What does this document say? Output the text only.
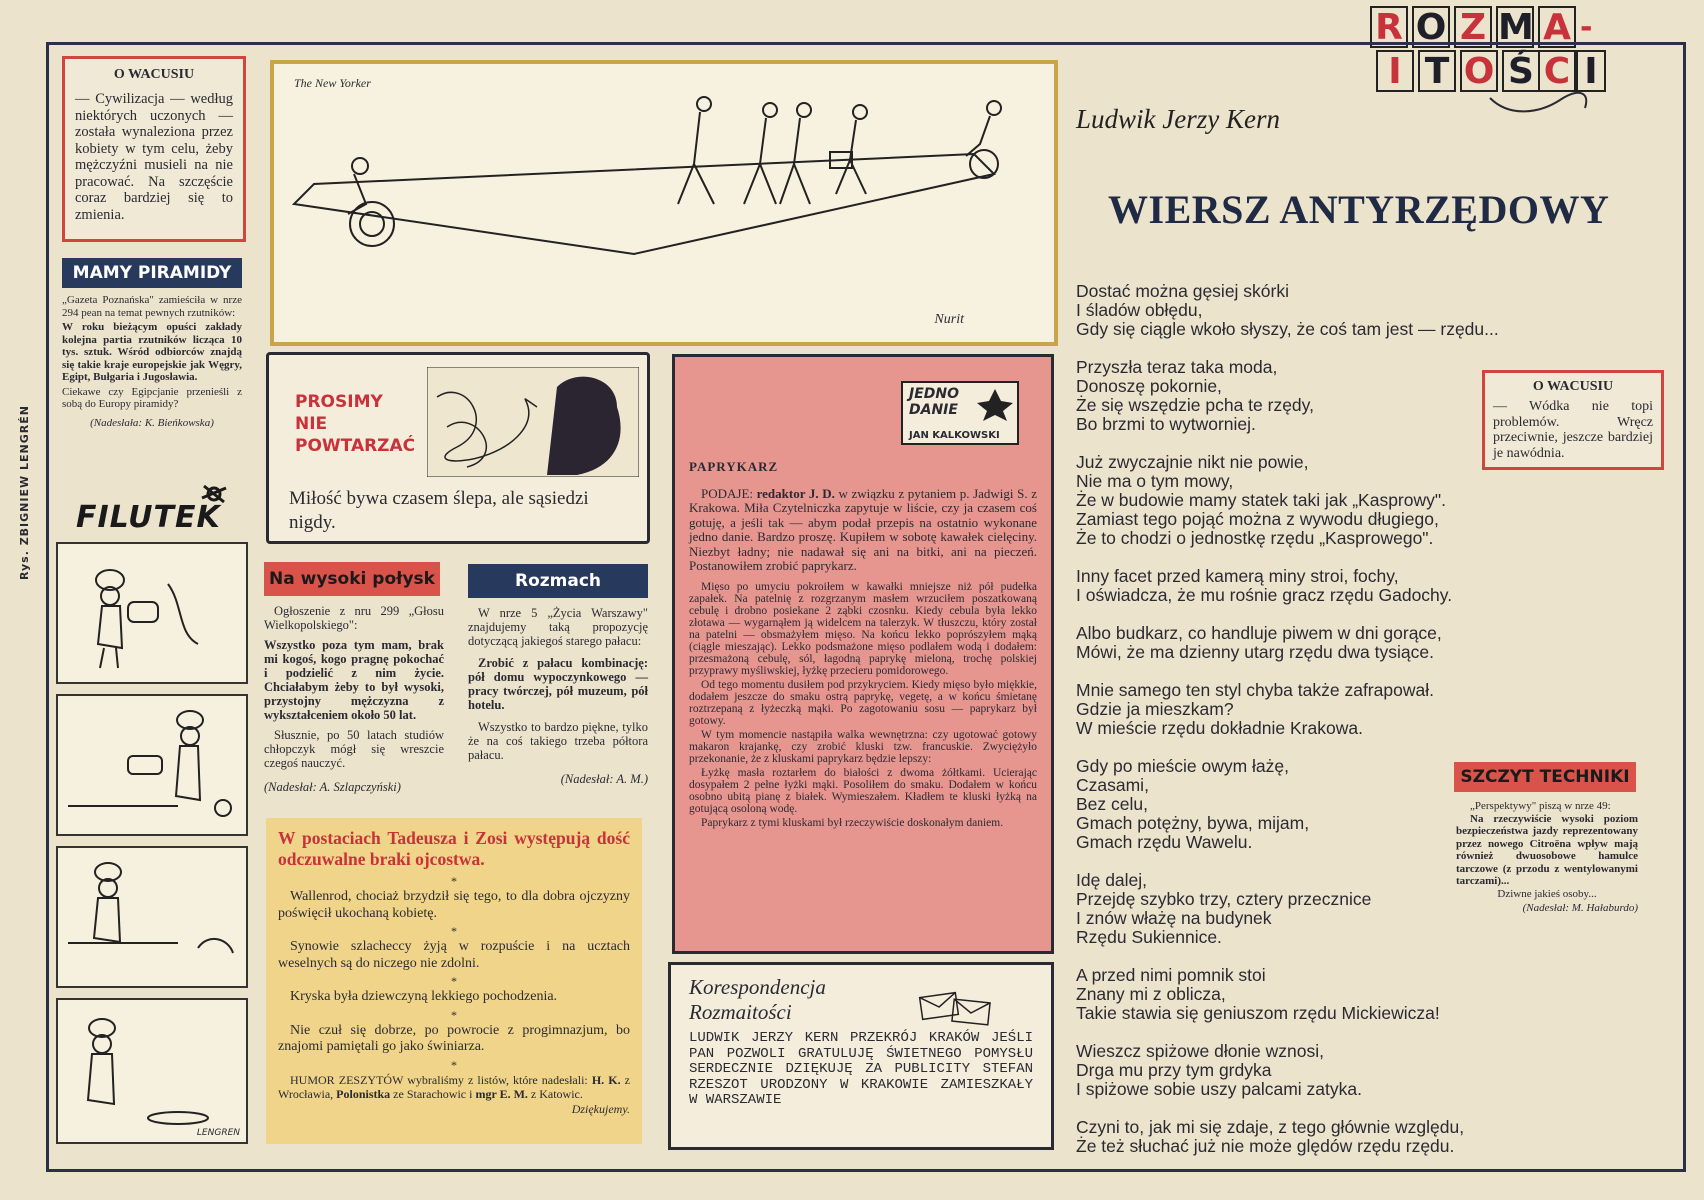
R O Z M A -
I T O Ś C I
Rys. ZBIGNIEW LENGRÉN
O WACUSIU
— Cywilizacja — według niektórych uczonych — została wynaleziona przez kobiety w tym celu, żeby mężczyźni musieli na nie pracować. Na szczęście coraz bardziej się to zmienia.
MAMY PIRAMIDY

„Gazeta Poznańska" zamieściła w nrze 294 pean na temat pewnych rzutników:

W roku bieżącym opuści zakłady kolejna partia rzutników licząca 10 tys. sztuk. Wśród odbiorców znajdą się takie kraje europejskie jak Węgry, Egipt, Bułgaria i Jugosławia.

Ciekawe czy Egipcjanie przenieśli z sobą do Europy piramidy?

(Nadesłała: K. Bieńkowska)

FILUTEK
LENGREN
The New Yorker
Nurit
PROSIMY
NIE
POWTARZAĆ
Miłość bywa czasem ślepa, ale sąsiedzi nigdy.
Na wysoki połysk

Ogłoszenie z nru 299 „Głosu Wielkopolskiego":

Wszystko poza tym mam, brak mi kogoś, kogo pragnę pokochać i podzielić z nim życie. Chciałabym żeby to był wysoki, przystojny mężczyzna z wykształceniem około 50 lat.

Słusznie, po 50 latach studiów chłopczyk mógł się wreszcie czegoś nauczyć.

(Nadesłał: A. Szlapczyński)

Rozmach

W nrze 5 „Życia Warszawy" znajdujemy taką propozycję dotyczącą jakiegoś starego pałacu:

Zrobić z pałacu kombinację: pół domu wypoczynkowego — pracy twórczej, pół muzeum, pół hotelu.

Wszystko to bardzo piękne, tylko że na coś takiego trzeba półtora pałacu.

(Nadesłał: A. M.)

W postaciach Tadeusza i Zosi występują dość odczuwalne braki ojcostwa.
*

Wallenrod, chociaż brzydził się tego, to dla dobra ojczyzny poświęcił ukochaną kobietę.

*

Synowie szlacheccy żyją w rozpuście i na ucztach weselnych są do niczego nie zdolni.

*

Kryska była dziewczyną lekkiego pochodzenia.

*

Nie czuł się dobrze, po powrocie z progimnazjum, bo znajomi pamiętali go jako świniarza.

*

HUMOR ZESZYTÓW wybraliśmy z listów, które nadesłali: H. K. z Wrocławia, Polonistka ze Starachowic i mgr E. M. z Katowic.
Dziękujemy.

JEDNO
DANIE
JAN KALKOWSKI
PAPRYKARZ

PODAJE: redaktor J. D. w związku z pytaniem p. Jadwigi S. z Krakowa. Miła Czytelniczka zapytuje w liście, czy ja czasem coś gotuję, a jeśli tak — abym podał przepis na ostatnio wykonane jedno danie. Bardzo proszę. Kupiłem w sobotę kawałek cielęciny. Niezbyt ładny; nie nadawał się ani na bitki, ani na pieczeń. Postanowiłem zrobić paprykarz.

Mięso po umyciu pokroiłem w kawałki mniejsze niż pół pudełka zapałek. Na patelnię z rozgrzanym masłem wrzuciłem poszatkowaną cebulę i drobno posiekane 2 ząbki czosnku. Kiedy cebula była lekko złotawa — wygarnąłem ją widelcem na talerzyk. W tłuszczu, który został na patelni — obsmażyłem mięso. Na końcu lekko poprószyłem mąką (ciągle mieszając). Lekko podsmażone mięso podlałem wodą i dodałem: przesmażoną cebulę, sól, łagodną paprykę mieloną, trochę polskiej przyprawy myśliwskiej, łyżkę przecieru pomidorowego.

Od tego momentu dusiłem pod przykryciem. Kiedy mięso było miękkie, dodałem jeszcze do smaku ostrą paprykę, vegetę, a w końcu śmietanę roztrzepaną z łyżeczką mąki. Po zagotowaniu sosu — paprykarz był gotowy.

W tym momencie nastąpiła walka wewnętrzna: czy ugotować gotowy makaron krajankę, czy zrobić kluski tzw. francuskie. Zwyciężyło przekonanie, że z kluskami paprykarz będzie lepszy:

Łyżkę masła roztarłem do białości z dwoma żółtkami. Ucierając dosypałem 2 pełne łyżki mąki. Posoliłem do smaku. Dodałem w końcu osobno ubitą pianę z białek. Wymieszałem. Kładłem te kluski łyżką na gotującą osoloną wodę.

Paprykarz z tymi kluskami był rzeczywiście doskonałym daniem.

Korespondencja
Rozmaitości

LUDWIK JERZY KERN PRZEKRÓJ KRAKÓW JEŚLI PAN POZWOLI GRATULUJĘ ŚWIETNEGO POMYSŁU SERDECZNIE DZIĘKUJĘ ZA PUBLICITY STEFAN RZESZOT URODZONY W KRAKOWIE ZAMIESZKAŁY W WARSZAWIE

Ludwik Jerzy Kern
WIERSZ ANTYRZĘDOWY
Dostać można gęsiej skórki
I śladów obłędu,
Gdy się ciągle wkoło słyszy, że coś tam jest — rzędu...
Przyszła teraz taka moda,
Donoszę pokornie,
Że się wszędzie pcha te rzędy,
Bo brzmi to wytworniej.
Już zwyczajnie nikt nie powie,
Nie ma o tym mowy,
Że w budowie mamy statek taki jak „Kasprowy".
Zamiast tego pojąć można z wywodu długiego,
Że to chodzi o jednostkę rzędu „Kasprowego".
Inny facet przed kamerą miny stroi, fochy,
I oświadcza, że mu rośnie gracz rzędu Gadochy.
Albo budkarz, co handluje piwem w dni gorące,
Mówi, że ma dzienny utarg rzędu dwa tysiące.
Mnie samego ten styl chyba także zafrapował.
Gdzie ja mieszkam?
W mieście rzędu dokładnie Krakowa.
Gdy po mieście owym łażę,
Czasami,
Bez celu,
Gmach potężny, bywa, mijam,
Gmach rzędu Wawelu.
Idę dalej,
Przejdę szybko trzy, cztery przecznice
I znów włażę na budynek
Rzędu Sukiennice.
A przed nimi pomnik stoi
Znany mi z oblicza,
Takie stawia się geniuszom rzędu Mickiewicza!
Wieszcz spiżowe dłonie wznosi,
Drga mu przy tym grdyka
I spiżowe sobie uszy palcami zatyka.
Czyni to, jak mi się zdaje, z tego głównie względu,
Że też słuchać już nie może ględów rzędu rzędu.
O WACUSIU
— Wódka nie topi problemów. Wręcz przeciwnie, jeszcze bardziej je nawódnia.
SZCZYT TECHNIKI

„Perspektywy" piszą w nrze 49:

Na rzeczywiście wysoki poziom bezpieczeństwa jazdy reprezentowany przez nowego Citroëna wpływ mają również dwuosobowe hamulce tarczowe (z przodu z wentylowanymi tarczami)...

Dziwne jakieś osoby...

(Nadesłał: M. Hałaburdo)
